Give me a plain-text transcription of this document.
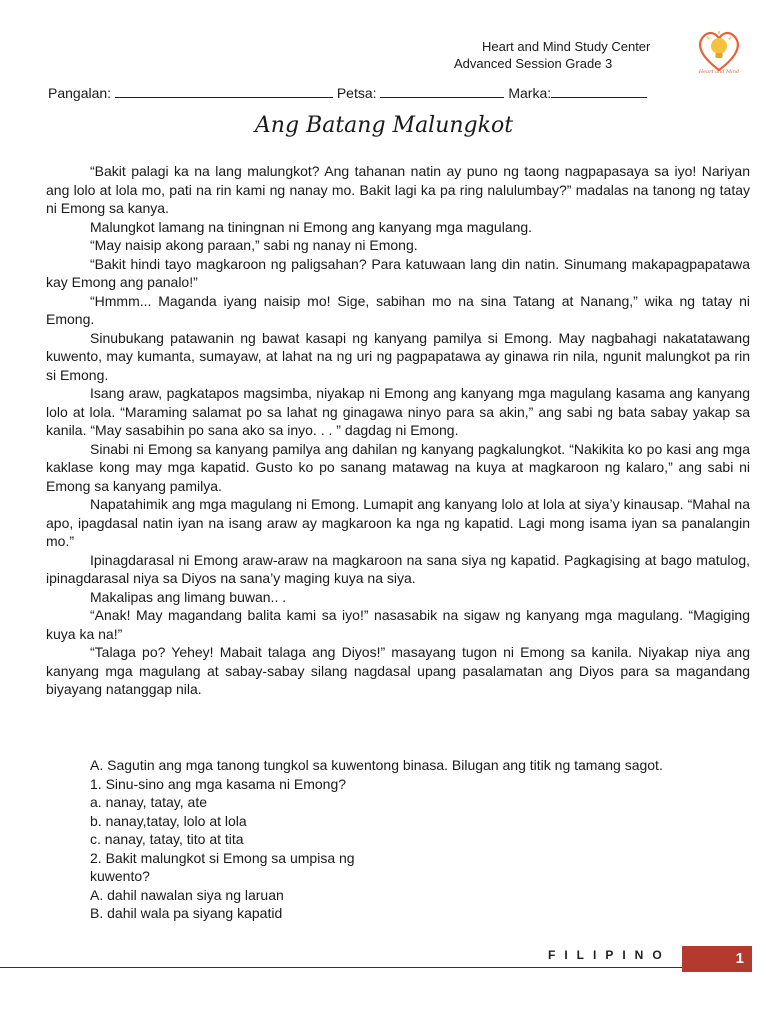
Heart and Mind Study Center
Advanced Session Grade 3
Heart and Mind
Pangalan:	Petsa:	Marka:
Ang Batang Malungkot

“Bakit palagi ka na lang malungkot? Ang tahanan natin ay puno ng taong nagpapasaya sa iyo! Nariyan ang lolo at lola mo, pati na rin kami ng nanay mo. Bakit lagi ka pa ring nalulumbay?” madalas na tanong ng tatay ni Emong sa kanya.

Malungkot lamang na tiningnan ni Emong ang kanyang mga magulang.

“May naisip akong paraan,” sabi ng nanay ni Emong.

“Bakit hindi tayo magkaroon ng paligsahan? Para katuwaan lang din natin. Sinumang makapagpapatawa kay Emong ang panalo!”

“Hmmm... Maganda iyang naisip mo! Sige, sabihan mo na sina Tatang at Nanang,” wika ng tatay ni Emong.

Sinubukang patawanin ng bawat kasapi ng kanyang pamilya si Emong. May nagbahagi nakatatawang kuwento, may kumanta, sumayaw, at lahat na ng uri ng pagpapatawa ay ginawa rin nila, ngunit malungkot pa rin si Emong.

Isang araw, pagkatapos magsimba, niyakap ni Emong ang kanyang mga magulang kasama ang kanyang lolo at lola. “Maraming salamat po sa lahat ng ginagawa ninyo para sa akin,” ang sabi ng bata sabay yakap sa kanila. “May sasabihin po sana ako sa inyo. . . ” dagdag ni Emong.

Sinabi ni Emong sa kanyang pamilya ang dahilan ng kanyang pagkalungkot. “Nakikita ko po kasi ang mga kaklase kong may mga kapatid. Gusto ko po sanang matawag na kuya at magkaroon ng kalaro,” ang sabi ni Emong sa kanyang pamilya.

Napatahimik ang mga magulang ni Emong. Lumapit ang kanyang lolo at lola at siya’y kinausap. “Mahal na apo, ipagdasal natin iyan na isang araw ay magkaroon ka nga ng kapatid. Lagi mong isama iyan sa panalangin mo.”

Ipinagdarasal ni Emong araw-araw na magkaroon na sana siya ng kapatid. Pagkagising at bago matulog, ipinagdarasal niya sa Diyos na sana’y maging kuya na siya.

Makalipas ang limang buwan.. .

“Anak! May magandang balita kami sa iyo!” nasasabik na sigaw ng kanyang mga magulang. “Magiging kuya ka na!”

“Talaga po? Yehey! Mabait talaga ang Diyos!” masayang tugon ni Emong sa kanila. Niyakap niya ang kanyang mga magulang at sabay-sabay silang nagdasal upang pasalamatan ang Diyos para sa magandang biyayang natanggap nila.

A. Sagutin ang mga tanong tungkol sa kuwentong binasa. Bilugan ang titik ng tamang sagot.

1. Sinu-sino ang mga kasama ni Emong?

a. nanay, tatay, ate

b. nanay,tatay, lolo at lola

c. nanay, tatay, tito at tita

2. Bakit malungkot si Emong sa umpisa ng

kuwento?

A. dahil nawalan siya ng laruan

B. dahil wala pa siyang kapatid

FILIPINO	1
